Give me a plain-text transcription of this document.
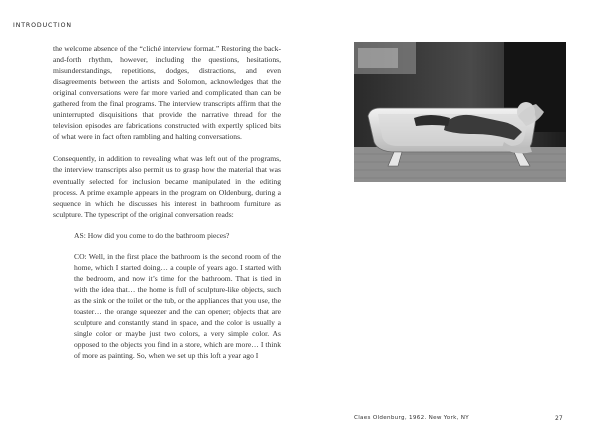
INTRODUCTION

the welcome absence of the “cliché interview format.” Restoring the back-and-forth rhythm, however, including the questions, hesitations, misunderstandings, repetitions, dodges, distractions, and even disagreements between the artists and Solomon, acknowledges that the original conversations were far more varied and complicated than can be gathered from the final programs. The interview transcripts affirm that the uninterrupted disquisitions that provide the narrative thread for the television episodes are fabrications constructed with expertly spliced bits of what were in fact often rambling and halting conversations.

Consequently, in addition to revealing what was left out of the programs, the interview transcripts also permit us to grasp how the material that was eventually selected for inclusion became manipulated in the editing process. A prime example appears in the program on Oldenburg, during a sequence in which he discusses his interest in bathroom furniture as sculpture. The typescript of the original conversation reads:

AS: How did you come to do the bathroom pieces?

CO: Well, in the first place the bathroom is the second room of the home, which I started doing… a couple of years ago. I started with the bedroom, and now it’s time for the bathroom. That is tied in with the idea that… the home is full of sculpture-like objects, such as the sink or the toilet or the tub, or the appliances that you use, the toaster… the orange squeezer and the can opener; objects that are sculpture and constantly stand in space, and the color is usually a single color or maybe just two colors, a very simple color. As opposed to the objects you find in a store, which are more… I think of more as painting. So, when we set up this loft a year ago I

Claes Oldenburg, 1962. New York, NY	27
